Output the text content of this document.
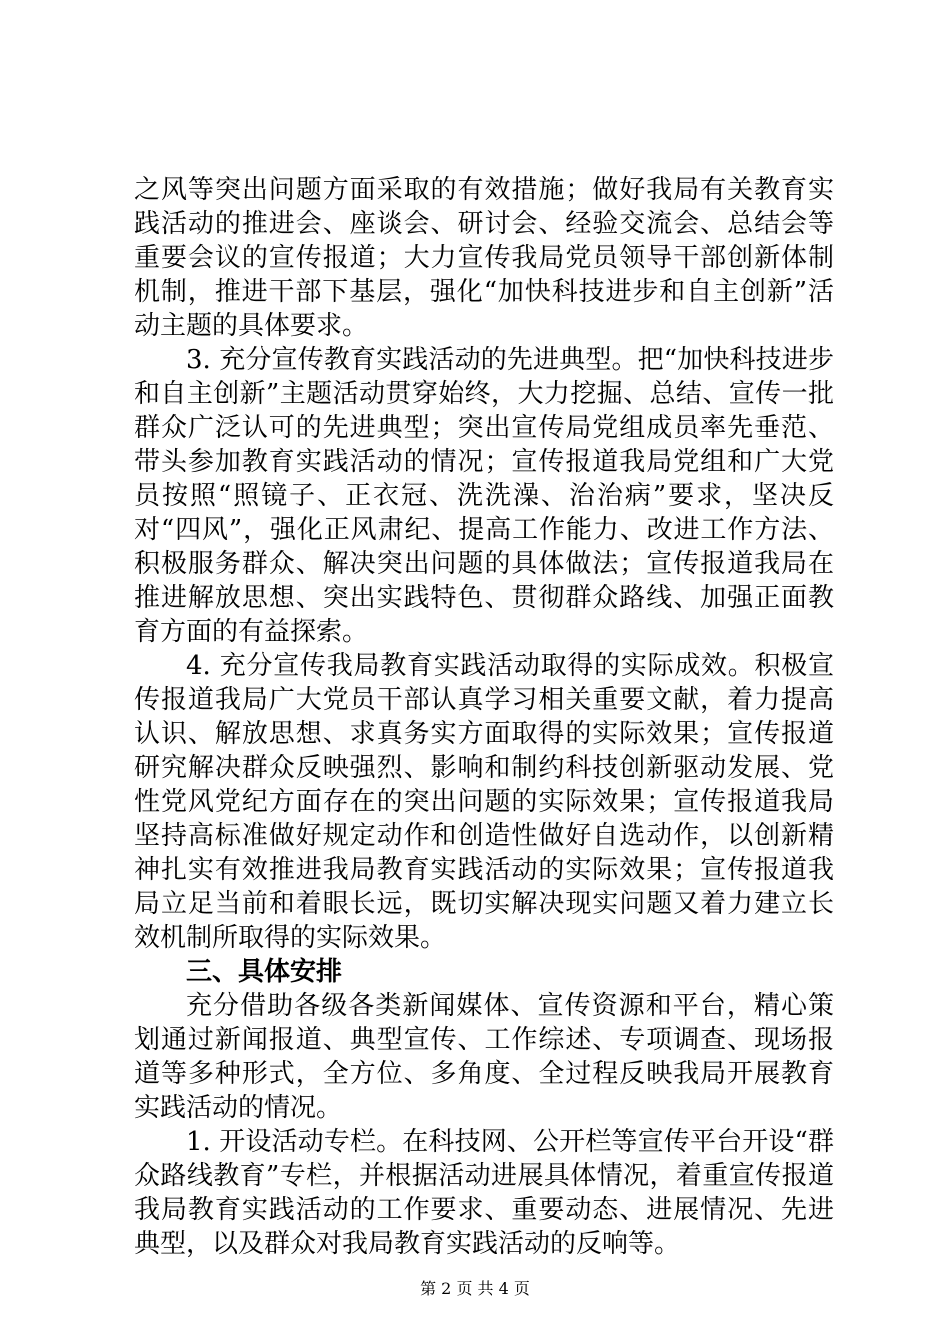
之风等突出问题方面采取的有效措施；做好我局有关教育实践活动的推进会、座谈会、研讨会、经验交流会、总结会等重要会议的宣传报道；大力宣传我局党员领导干部创新体制机制，推进干部下基层，强化“加快科技进步和自主创新”活动主题的具体要求。

3. 充分宣传教育实践活动的先进典型。把“加快科技进步和自主创新”主题活动贯穿始终，大力挖掘、总结、宣传一批群众广泛认可的先进典型；突出宣传局党组成员率先垂范、带头参加教育实践活动的情况；宣传报道我局党组和广大党员按照“照镜子、正衣冠、洗洗澡、治治病”要求，坚决反对“四风”，强化正风肃纪、提高工作能力、改进工作方法、积极服务群众、解决突出问题的具体做法；宣传报道我局在推进解放思想、突出实践特色、贯彻群众路线、加强正面教育方面的有益探索。

4. 充分宣传我局教育实践活动取得的实际成效。积极宣传报道我局广大党员干部认真学习相关重要文献，着力提高认识、解放思想、求真务实方面取得的实际效果；宣传报道研究解决群众反映强烈、影响和制约科技创新驱动发展、党性党风党纪方面存在的突出问题的实际效果；宣传报道我局坚持高标准做好规定动作和创造性做好自选动作，以创新精神扎实有效推进我局教育实践活动的实际效果；宣传报道我局立足当前和着眼长远，既切实解决现实问题又着力建立长效机制所取得的实际效果。

三、具体安排

充分借助各级各类新闻媒体、宣传资源和平台，精心策划通过新闻报道、典型宣传、工作综述、专项调查、现场报道等多种形式，全方位、多角度、全过程反映我局开展教育实践活动的情况。

1. 开设活动专栏。在科技网、公开栏等宣传平台开设“群众路线教育”专栏，并根据活动进展具体情况，着重宣传报道我局教育实践活动的工作要求、重要动态、进展情况、先进典型，以及群众对我局教育实践活动的反响等。

第 2 页 共 4 页
